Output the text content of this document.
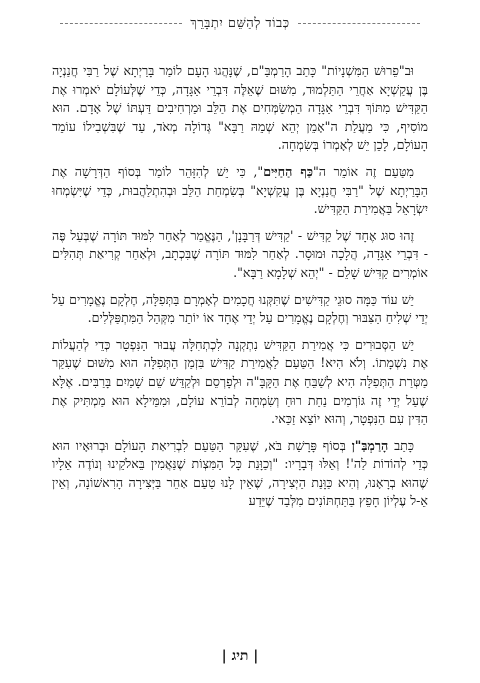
כְּבוֹד לְהַשֵּׁם יִתְבָּרֵךְ

וּב"פֵרוּשׁ הַמִּשְׁנָיוֹת" כָּתַב הָרַמְבַּ"ם, שֶׁנָּהֲגוּ הָעָם לוֹמַר בָּרַיְתָא שֶׁל רַבִּי חֲנַנְיָה בֶּן עֲקַשְׁיָא אַחֲרֵי הַתַּלְמוּד, מִשּׁוּם שֶׁאֵלֶּה דִּבְרֵי אַגָּדָה, כְּדֵי שֶׁלְּעוֹלָם יֹאמְרוּ אֶת הַקַּדִּישׁ מִתּוֹךְ דִּבְרֵי אַגָּדָה הַמְשַׂמְּחִים אֶת הַלֵּב וּמַרְחִיבִים דַּעְתּוֹ שֶׁל אָדָם. הוּא מוֹסִיף, כִּי מַעֲלַת ה"אָמֵן יְהֵא שְׁמֵהּ רַבָּא" גְּדוֹלָה מְאֹד, עַד שֶׁבִּשְׁבִילוֹ עוֹמֵד הָעוֹלָם, לָכֵן יֵשׁ לְאָמְרוֹ בְּשִׂמְחָה.

מִטַּעַם זֶה אוֹמֵר ה"כַּף הַחַיִּים", כִּי יֵשׁ לְהִזָּהֵר לוֹמַר בְּסוֹף הַדְּרָשָׁה אֶת הַבָּרַיְתָא שֶׁל "רַבִּי חֲנַנְיָא בֶּן עֲקַשְׁיָא" בְּשִׂמְחַת הַלֵּב וּבְהִתְלַהֲבוּת, כְּדֵי שֶׁיִּשְׂמְחוּ יִשְׂרָאֵל בַּאֲמִירַת הַקַּדִּישׁ.

זֶהוּ סוּג אֶחָד שֶׁל קַדִּישׁ - 'קַדִּישׁ דְּרַבָּנָן', הַנֶּאֱמַר לְאַחַר לִמּוּד תּוֹרָה שֶׁבְּעַל פֶּה - דִּבְרֵי אַגָּדָה, הֲלָכָה וּמוּסָר. לְאַחַר לִמּוּד תּוֹרָה שֶׁבִּכְתָב, וּלְאַחַר קְרִיאַת תְּהִלִּים אוֹמְרִים קַדִּישׁ שָׁלֵם - "יְהֵא שְׁלָמָא רַבָּא".

יֵשׁ עוֹד כַּמָּה סוּגֵי קַדִּישִׁים שֶׁתִּקְּנוּ חֲכָמִים לְאָמְרָם בַּתְּפִלָּה, חֶלְקָם נֶאֱמָרִים עַל יְדֵי שְׁלִיחַ הַצִּבּוּר וְחֶלְקָם נֶאֱמָרִים עַל יְדֵי אֶחָד אוֹ יוֹתֵר מִקְּהַל הַמִּתְפַּלְּלִים.

יֵשׁ הַסְּבוּרִים כִּי אֲמִירַת הַקַּדִּישׁ נִתְקְנָה לִכְתְחִלָּה עֲבוּר הַנִּפְטָר כְּדֵי לְהַעֲלוֹת אֶת נִשְׁמָתוֹ. וְלֹא הִיא! הַטַּעַם לַאֲמִירַת קַדִּישׁ בִּזְמַן הַתְּפִלָּה הוּא מִשּׁוּם שֶׁעִקַּר מַטְּרַת הַתְּפִלָּה הִיא לְשַׁבֵּחַ אֶת הַקָּבָּ"ה וּלְפָרְסֵם וּלְקַדֵּשׁ שֵׁם שָׁמַיִם בָּרַבִּים. אֶלָּא שֶׁעַל יְדֵי זֶה גּוֹרְמִים נַחַת רוּחַ וְשִׂמְחָה לְבוֹרֵא עוֹלָם, וּמִמֵּילָא הוּא מַמְתִּיק אֶת הַדִּין עִם הַנִּפְטָר, וְהוּא יוֹצֵא זַכַּאי.

כָּתַב הָרַמְבַּ"ן בְּסוֹף פָּרָשַׁת בֹּא, שֶׁעִקַּר הַטַּעַם לִבְרִיאַת הָעוֹלָם וּבְרוּאָיו הוּא כְּדֵי לְהוֹדוֹת לַה'! וְאֵלּוּ דְּבָרָיו: "וְכַוָּנַת כָּל הַמִּצְוֹת שֶׁנַּאֲמִין בֵּאלֹקֵינוּ וְנוֹדֶה אֵלָיו שֶׁהוּא בְרָאָנוּ, וְהִיא כַּוָּנַת הַיְּצִירָה, שֶׁאֵין לָנוּ טַעַם אַחֵר בַּיְּצִירָה הָרִאשׁוֹנָה, וְאֵין אֵ-ל עֶלְיוֹן חָפֵץ בַּתַּחְתּוֹנִים מִלְּבַד שֶׁיֵּדַע

| תיג |
